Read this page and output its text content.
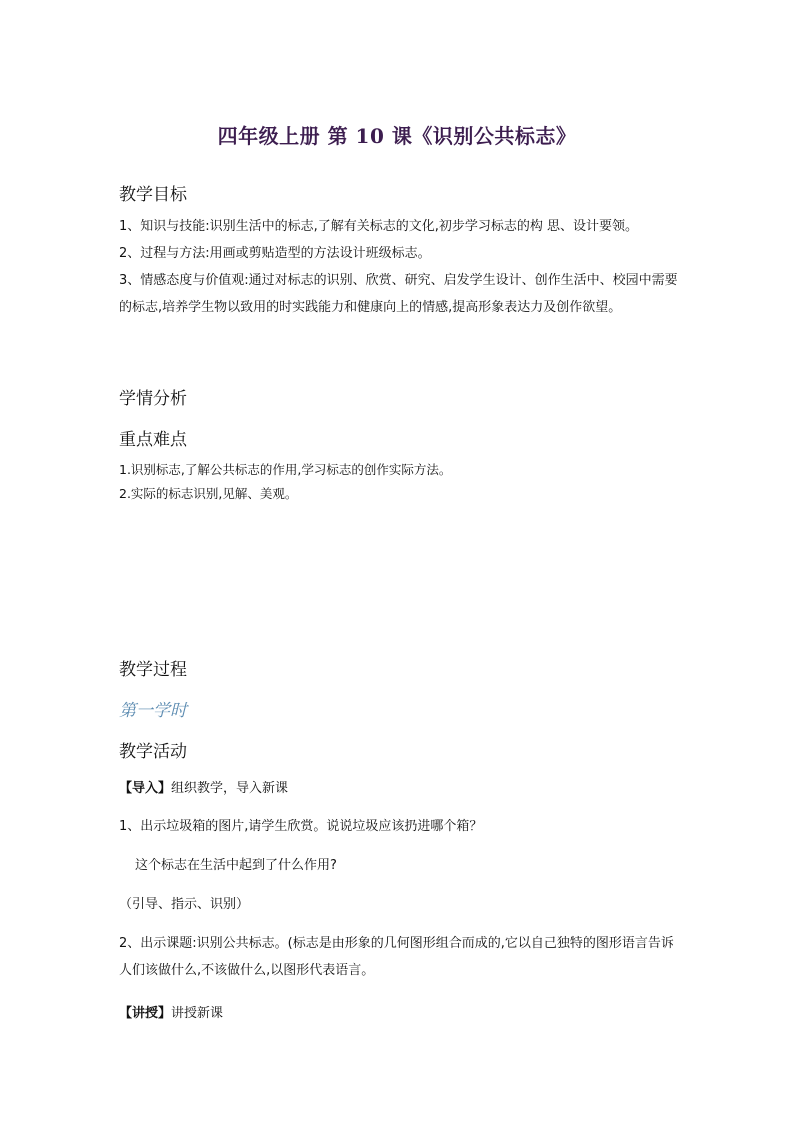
四年级上册 第 10 课《识别公共标志》
教学目标
1、知识与技能:识别生活中的标志,了解有关标志的文化,初步学习标志的构 思、设计要领。
2、过程与方法:用画或剪贴造型的方法设计班级标志。
3、情感态度与价值观:通过对标志的识别、欣赏、研究、启发学生设计、创作生活中、校园中需要的标志,培养学生物以致用的时实践能力和健康向上的情感,提高形象表达力及创作欲望。
学情分析
重点难点
1.识别标志,了解公共标志的作用,学习标志的创作实际方法。
2.实际的标志识别,见解、美观。
教学过程
第一学时
教学活动
【导入】组织教学，导入新课
1、出示垃圾箱的图片,请学生欣赏。说说垃圾应该扔进哪个箱？
这个标志在生活中起到了什么作用?
（引导、指示、识别）
2、出示课题:识别公共标志。(标志是由形象的几何图形组合而成的,它以自己独特的图形语言告诉人们该做什么,不该做什么,以图形代表语言。
【讲授】讲授新课
